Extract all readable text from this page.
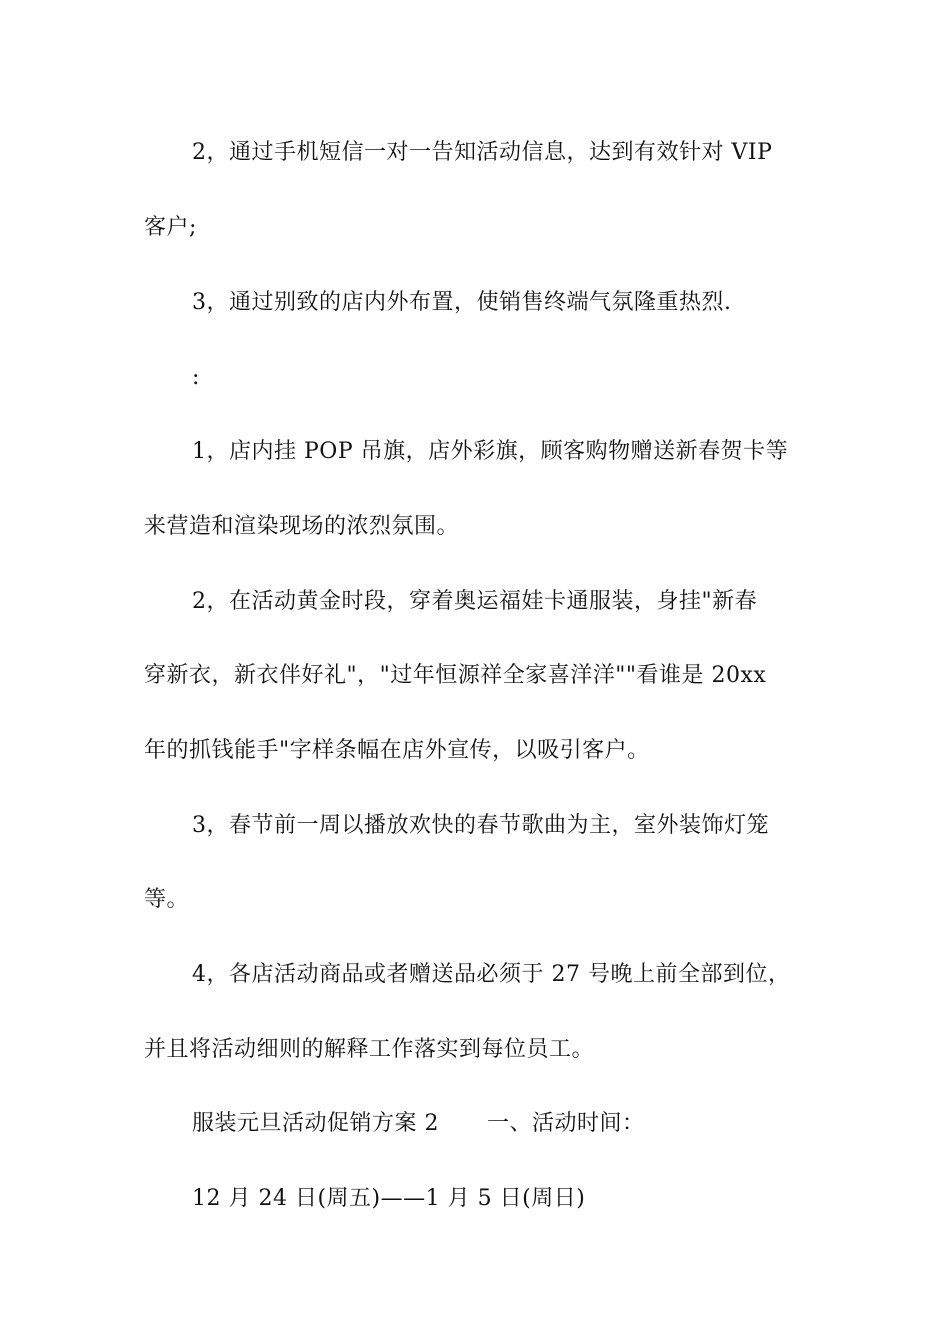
2，通过手机短信一对一告知活动信息，达到有效针对 VIP
客户;
3，通过别致的店内外布置，使销售终端气氛隆重热烈.
:
1，店内挂 POP 吊旗，店外彩旗，顾客购物赠送新春贺卡等
来营造和渲染现场的浓烈氛围。
2，在活动黄金时段，穿着奥运福娃卡通服装，身挂"新春
穿新衣，新衣伴好礼"，"过年恒源祥全家喜洋洋""看谁是 20xx
年的抓钱能手"字样条幅在店外宣传，以吸引客户。
3，春节前一周以播放欢快的春节歌曲为主，室外装饰灯笼
等。
4，各店活动商品或者赠送品必须于 27 号晚上前全部到位，
并且将活动细则的解释工作落实到每位员工。
服装元旦活动促销方案 2 一、活动时间：
12 月 24 日(周五)——1 月 5 日(周日)
